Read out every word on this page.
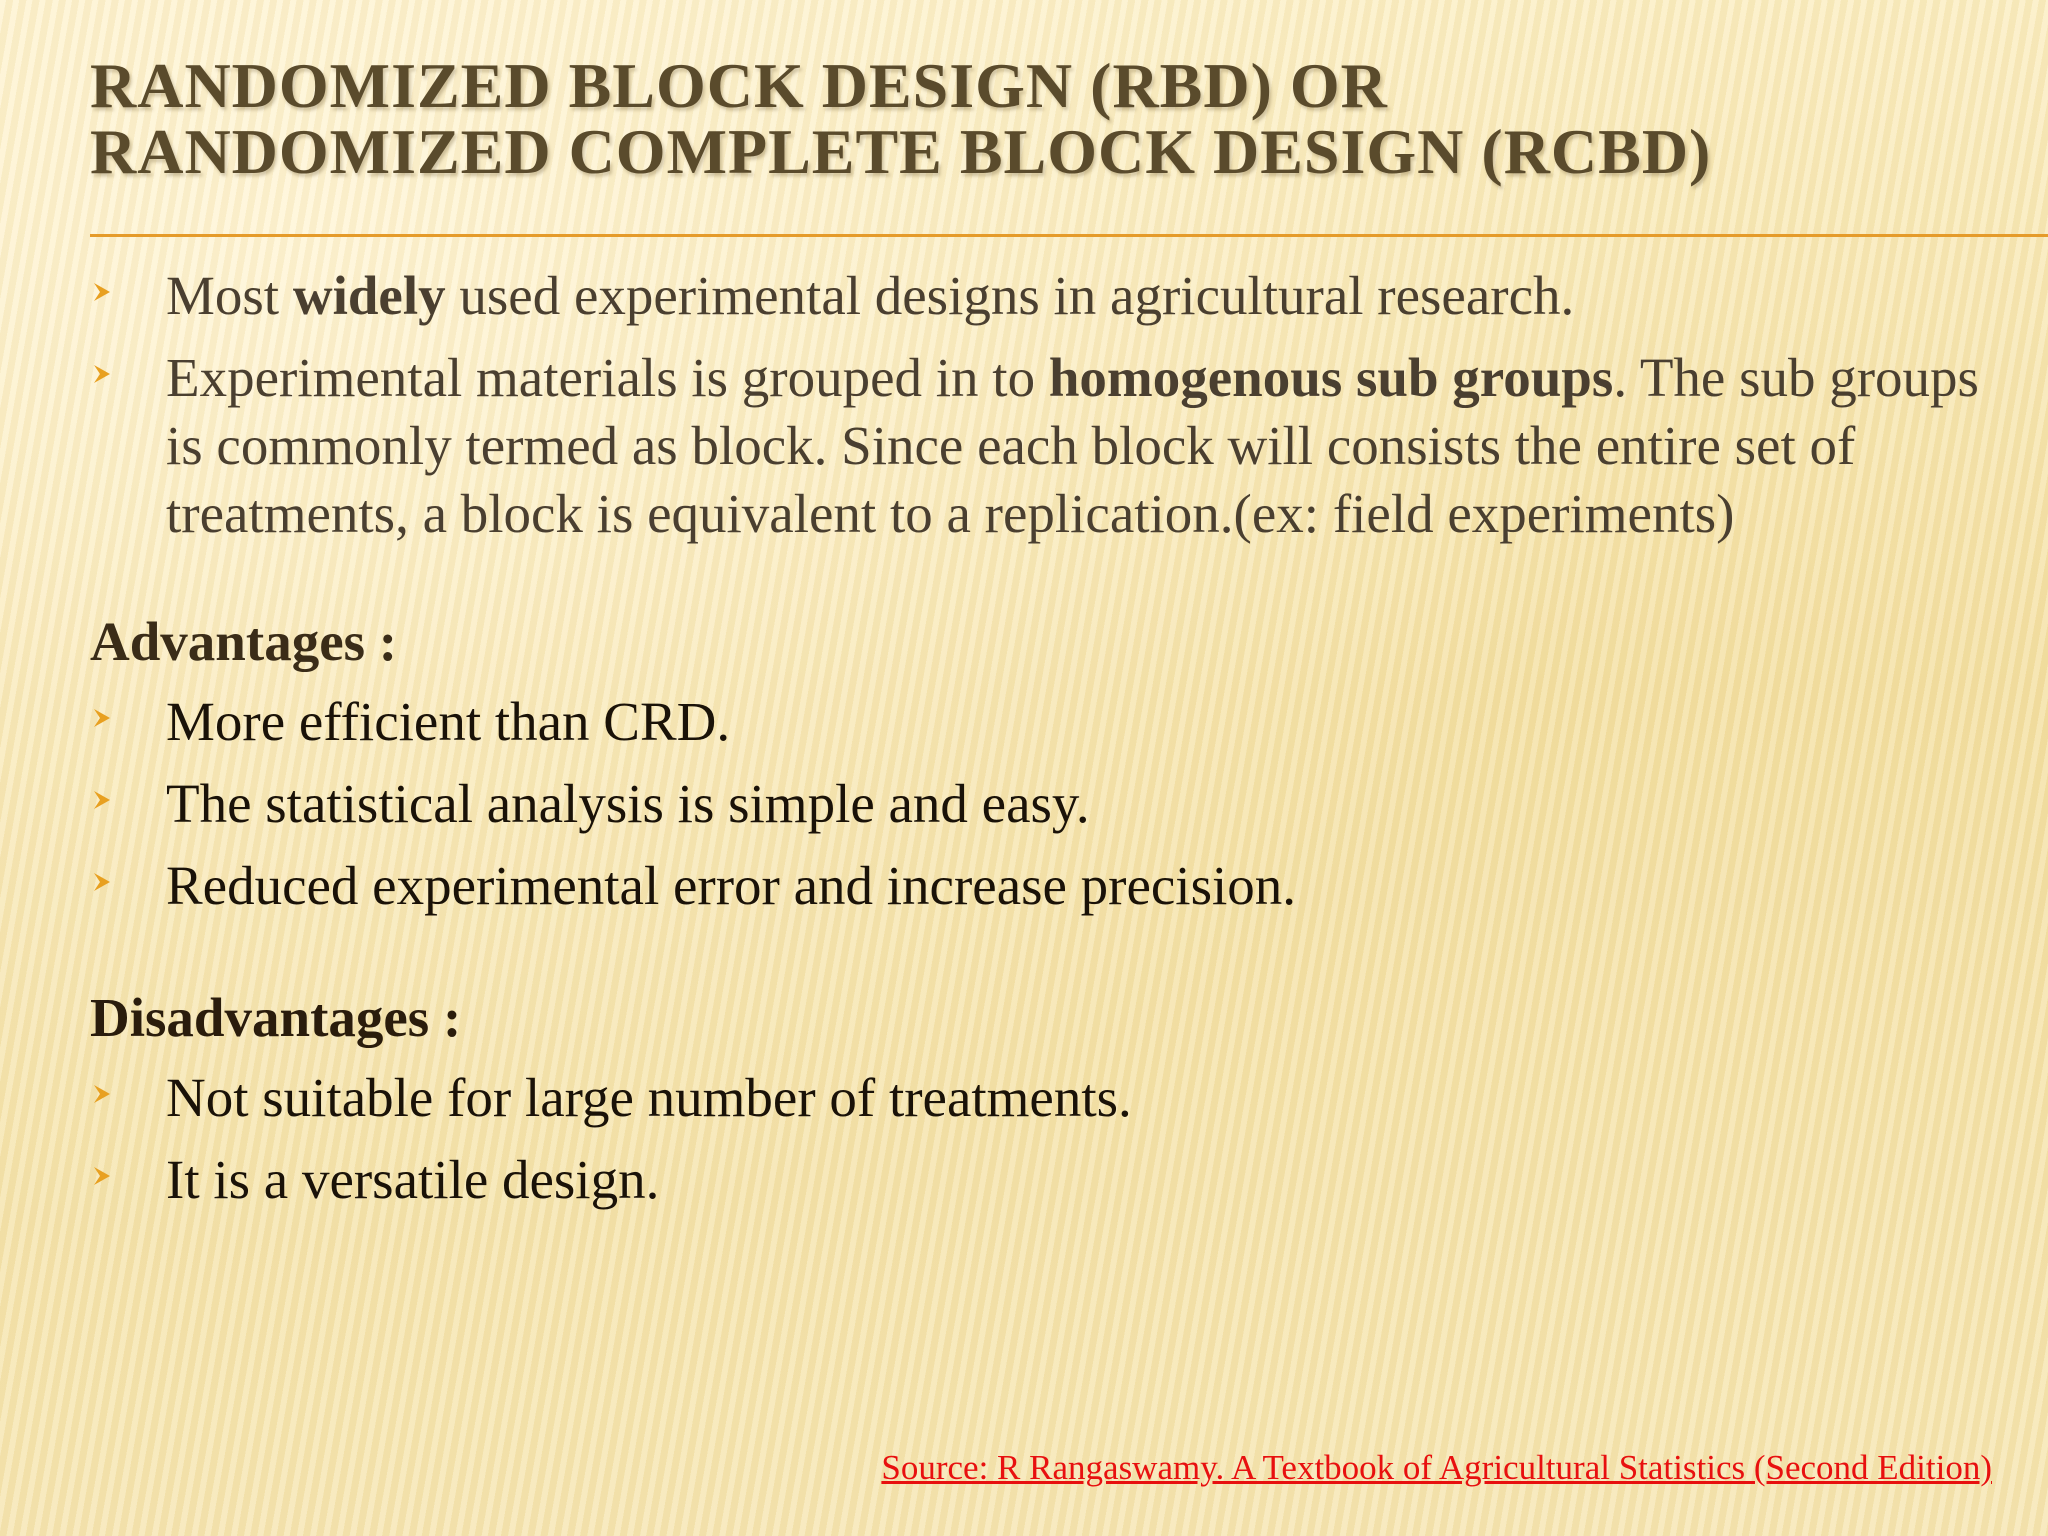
RANDOMIZED BLOCK DESIGN (RBD) OR
RANDOMIZED COMPLETE BLOCK DESIGN (RCBD)
Most widely used experimental designs in agricultural research.
Experimental materials is grouped in to homogenous sub groups. The sub groups is commonly termed as block. Since each block will consists the entire set of treatments, a block is equivalent to a replication.(ex: field experiments)
Advantages :
More efficient than CRD.
The statistical analysis is simple and easy.
Reduced experimental error and increase precision.
Disadvantages :
Not suitable for large number of treatments.
It is a versatile design.
Source: R Rangaswamy. A Textbook of Agricultural Statistics (Second Edition)
